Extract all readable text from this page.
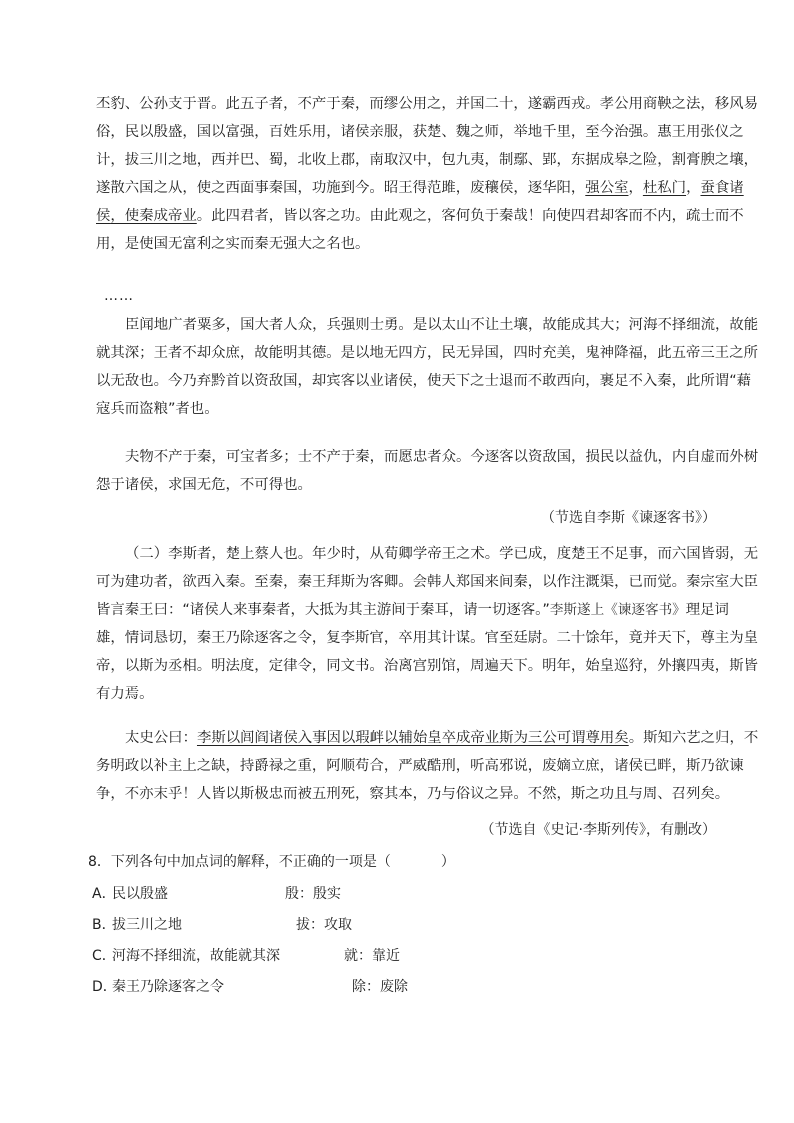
丕豹、公孙支于晋。此五子者，不产于秦，而缪公用之，并国二十，遂霸西戎。孝公用商鞅之法，移风易
俗，民以殷盛，国以富强，百姓乐用，诸侯亲服，获楚、魏之师，举地千里，至今治强。惠王用张仪之
计，拔三川之地，西并巴、蜀，北收上郡，南取汉中，包九夷，制鄢、郢，东据成皋之险，割膏腴之壤，
遂散六国之从，使之西面事秦国，功施到今。昭王得范雎，废穰侯，逐华阳，强公室，杜私门，蚕食诸
侯，使秦成帝业。此四君者，皆以客之功。由此观之，客何负于秦哉！向使四君却客而不内，疏士而不
用，是使国无富利之实而秦无强大之名也。
……
臣闻地广者粟多，国大者人众，兵强则士勇。是以太山不让土壤，故能成其大；河海不择细流，故能
就其深；王者不却众庶，故能明其德。是以地无四方，民无异国，四时充美，鬼神降福，此五帝三王之所
以无敌也。今乃弃黔首以资敌国，却宾客以业诸侯，使天下之士退而不敢西向，裹足不入秦，此所谓“藉
寇兵而盗粮”者也。
夫物不产于秦，可宝者多；士不产于秦，而愿忠者众。今逐客以资敌国，损民以益仇，内自虚而外树
怨于诸侯，求国无危，不可得也。
（节选自李斯《谏逐客书》）
（二）李斯者，楚上蔡人也。年少时，从荀卿学帝王之术。学已成，度楚王不足事，而六国皆弱，无
可为建功者，欲西入秦。至秦，秦王拜斯为客卿。会韩人郑国来间秦，以作注溉渠，已而觉。秦宗室大臣
皆言秦王曰：“诸侯人来事秦者，大抵为其主游间于秦耳，请一切逐客。”李斯遂上《谏逐客书》理足词
雄，情词恳切，秦王乃除逐客之令，复李斯官，卒用其计谋。官至廷尉。二十馀年，竟并天下，尊主为皇
帝，以斯为丞相。明法度，定律令，同文书。治离宫别馆，周遍天下。明年，始皇巡狩，外攘四夷，斯皆
有力焉。
太史公曰：李斯以闾阎诸侯入事因以瑕衅以辅始皇卒成帝业斯为三公可谓尊用矣。斯知六艺之归，不
务明政以补主上之缺，持爵禄之重，阿顺苟合，严威酷刑，听高邪说，废嫡立庶，诸侯已畔，斯乃欲谏
争，不亦末乎！人皆以斯极忠而被五刑死，察其本，乃与俗议之异。不然，斯之功且与周、召列矣。
（节选自《史记·李斯列传》，有删改）
8．下列各句中加点词的解释，不正确的一项是（	）
A．
民以殷盛	殷：殷实
B．
拔三川之地	拔：攻取
C．
河海不择细流，故能就其深	就：靠近
D．
秦王乃除逐客之令	除：废除
